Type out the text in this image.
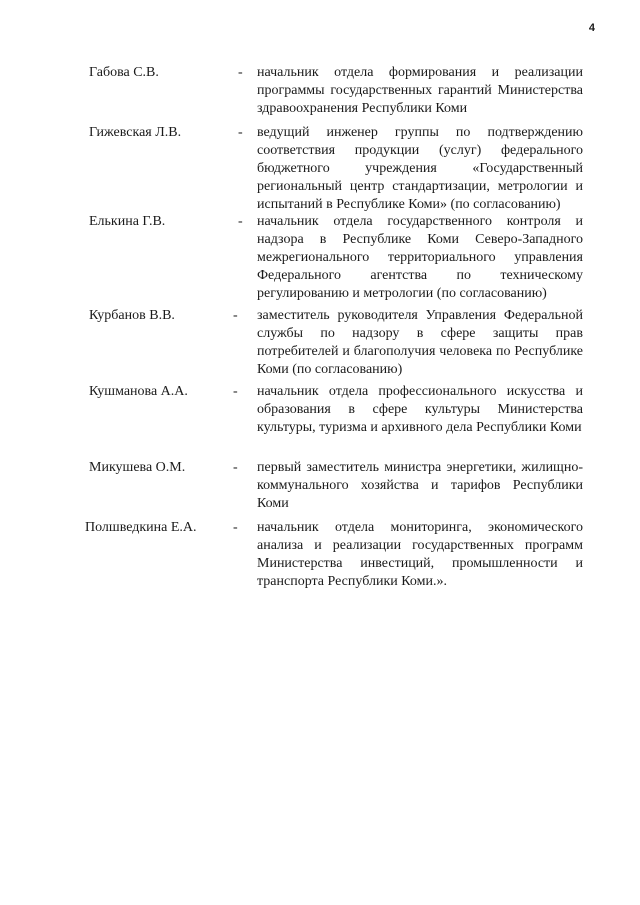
4
Габова С.В.	- начальник отдела формирования и реализации программы государственных гарантий Министерства здравоохранения Республики Коми
Гижевская Л.В.	- ведущий инженер группы по подтверждению соответствия продукции (услуг) федерального бюджетного учреждения «Государственный региональный центр стандартизации, метрологии и испытаний в Республике Коми» (по согласованию)
Елькина Г.В.	- начальник отдела государственного контроля и надзора в Республике Коми Северо-Западного межрегионального территориального управления Федерального агентства по техническому регулированию и метрологии (по согласованию)
Курбанов В.В.	- заместитель руководителя Управления Федеральной службы по надзору в сфере защиты прав потребителей и благополучия человека по Республике Коми (по согласованию)
Кушманова А.А.	- начальник отдела профессионального искусства и образования в сфере культуры Министерства культуры, туризма и архивного дела Республики Коми
Микушева О.М.	- первый заместитель министра энергетики, жилищно-коммунального хозяйства и тарифов Республики Коми
Полшведкина Е.А.	- начальник отдела мониторинга, экономического анализа и реализации государственных программ Министерства инвестиций, промышленности и транспорта Республики Коми.».
